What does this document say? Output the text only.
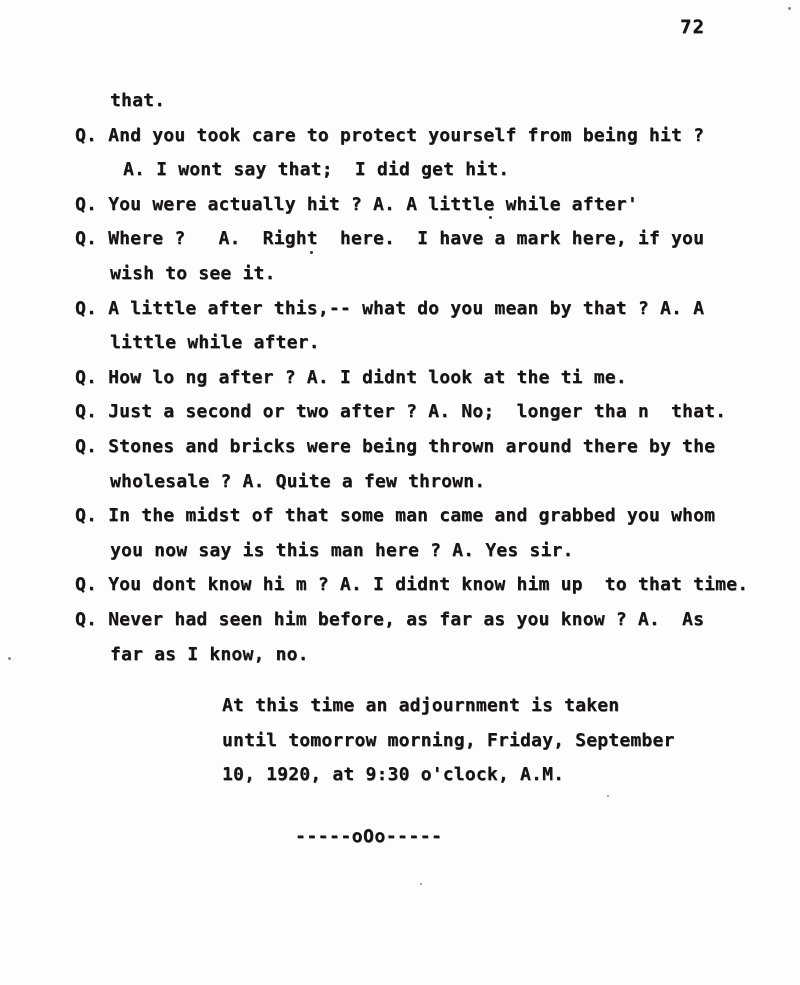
72
that.
Q. And you took care to protect yourself from being hit ?
A. I wont say that;  I did get hit.
Q. You were actually hit ? A. A little while after'
Q. Where ?   A.  Right  here.  I have a mark here, if you
wish to see it.
Q. A little after this,-- what do you mean by that ? A. A
little while after.
Q. How lo ng after ? A. I didnt look at the ti me.
Q. Just a second or two after ? A. No;  longer tha n  that.
Q. Stones and bricks were being thrown around there by the
wholesale ? A. Quite a few thrown.
Q. In the midst of that some man came and grabbed you whom
you now say is this man here ? A. Yes sir.
Q. You dont know hi m ? A. I didnt know him up  to that time.
Q. Never had seen him before, as far as you know ? A.  As
far as I know, no.
At this time an adjournment is taken
until tomorrow morning, Friday, September
10, 1920, at 9:30 o'clock, A.M.
-----oOo-----
